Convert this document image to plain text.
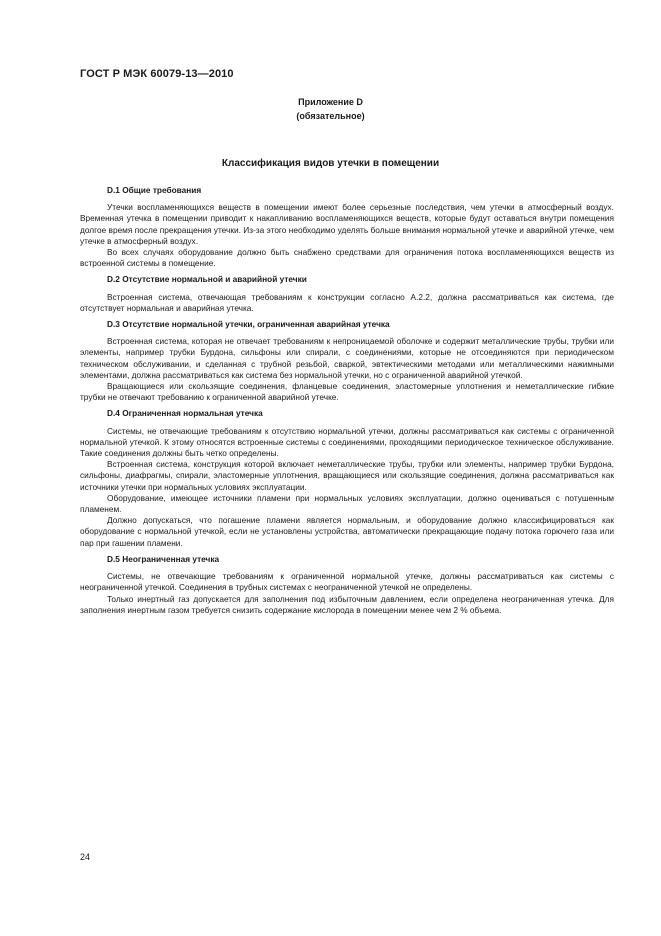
ГОСТ Р МЭК 60079-13—2010
Приложение D
(обязательное)
Классификация видов утечки в помещении

D.1 Общие требования

Утечки воспламеняющихся веществ в помещении имеют более серьезные последствия, чем утечки в атмосферный воздух. Временная утечка в помещении приводит к накапливанию воспламеняющихся веществ, которые будут оставаться внутри помещения долгое время после прекращения утечки. Из-за этого необходимо уделять больше внимания нормальной утечке и аварийной утечке, чем утечке в атмосферный воздух.

Во всех случаях оборудование должно быть снабжено средствами для ограничения потока воспламеняющихся веществ из встроенной системы в помещение.

D.2 Отсутствие нормальной и аварийной утечки

Встроенная система, отвечающая требованиям к конструкции согласно А.2.2, должна рассматриваться как система, где отсутствует нормальная и аварийная утечка.

D.3 Отсутствие нормальной утечки, ограниченная аварийная утечка

Встроенная система, которая не отвечает требованиям к непроницаемой оболочке и содержит металлические трубы, трубки или элементы, например трубки Бурдона, сильфоны или спирали, с соединениями, которые не отсоединяются при периодическом техническом обслуживании, и сделанная с трубной резьбой, сваркой, эвтектическими методами или металлическими нажимными элементами, должна рассматриваться как система без нормальной утечки, но с ограниченной аварийной утечкой.

Вращающиеся или скользящие соединения, фланцевые соединения, эластомерные уплотнения и неметаллические гибкие трубки не отвечают требованию к ограниченной аварийной утечке.

D.4 Ограниченная нормальная утечка

Системы, не отвечающие требованиям к отсутствию нормальной утечки, должны рассматриваться как системы с ограниченной нормальной утечкой. К этому относятся встроенные системы с соединениями, проходящими периодическое техническое обслуживание. Такие соединения должны быть четко определены.

Встроенная система, конструкция которой включает неметаллические трубы, трубки или элементы, например трубки Бурдона, сильфоны, диафрагмы, спирали, эластомерные уплотнения, вращающиеся или скользящие соединения, должна рассматриваться как источники утечки при нормальных условиях эксплуатации.

Оборудование, имеющее источники пламени при нормальных условиях эксплуатации, должно оцениваться с потушенным пламенем.

Должно допускаться, что погашение пламени является нормальным, и оборудование должно классифицироваться как оборудование с нормальной утечкой, если не установлены устройства, автоматически прекращающие подачу потока горючего газа или пар при гашении пламени.

D.5 Неограниченная утечка

Системы, не отвечающие требованиям к ограниченной нормальной утечке, должны рассматриваться как системы с неограниченной утечкой. Соединения в трубных системах с неограниченной утечкой не определены.

Только инертный газ допускается для заполнения под избыточным давлением, если определена неограниченная утечка. Для заполнения инертным газом требуется снизить содержание кислорода в помещении менее чем 2 % объема.

24
